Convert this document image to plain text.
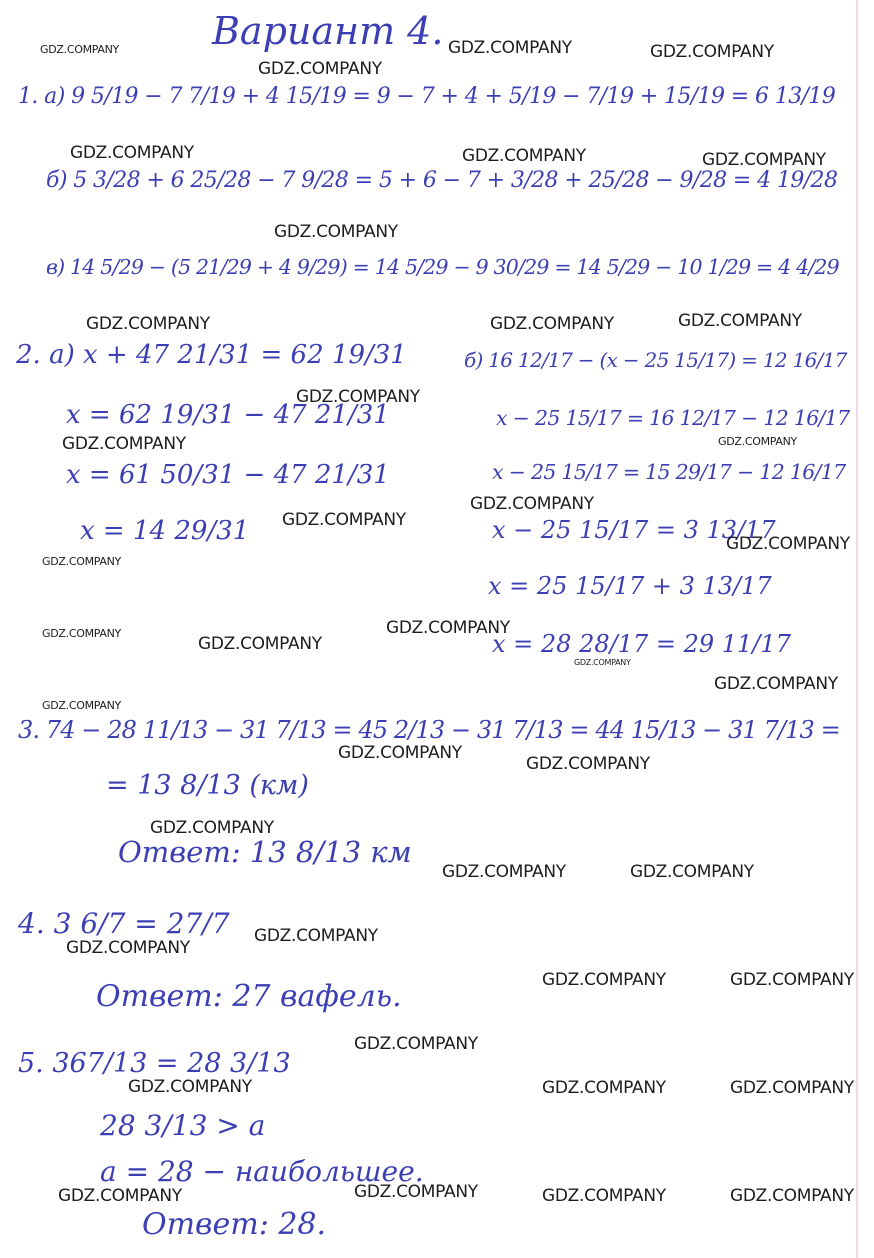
Вариант 4.
1. а) 9 5/19 − 7 7/19 + 4 15/19 = 9 − 7 + 4 + 5/19 − 7/19 + 15/19 = 6 13/19
б) 5 3/28 + 6 25/28 − 7 9/28 = 5 + 6 − 7 + 3/28 + 25/28 − 9/28 = 4 19/28
в) 14 5/29 − (5 21/29 + 4 9/29) = 14 5/29 − 9 30/29 = 14 5/29 − 10 1/29 = 4 4/29
2. а) x + 47 21/31 = 62 19/31
x = 62 19/31 − 47 21/31
x = 61 50/31 − 47 21/31
x = 14 29/31
б) 16 12/17 − (x − 25 15/17) = 12 16/17
x − 25 15/17 = 16 12/17 − 12 16/17
x − 25 15/17 = 15 29/17 − 12 16/17
x − 25 15/17 = 3 13/17
x = 25 15/17 + 3 13/17
x = 28 28/17 = 29 11/17
3. 74 − 28 11/13 − 31 7/13 = 45 2/13 − 31 7/13 = 44 15/13 − 31 7/13 =
= 13 8/13 (км)
Ответ: 13 8/13 км
4. 3 6/7 = 27/7
Ответ: 27 вафель.
5. 367/13 = 28 3/13
28 3/13 > a
a = 28 − наибольшее.
Ответ: 28.
GDZ.COMPANY	GDZ.COMPANY	GDZ.COMPANY
GDZ.COMPANY
GDZ.COMPANY	GDZ.COMPANY	GDZ.COMPANY
GDZ.COMPANY
GDZ.COMPANY	GDZ.COMPANY	GDZ.COMPANY
GDZ.COMPANY
GDZ.COMPANY	GDZ.COMPANY
GDZ.COMPANY
GDZ.COMPANY
GDZ.COMPANY
GDZ.COMPANY
GDZ.COMPANY	GDZ.COMPANY
GDZ.COMPANY
GDZ.COMPANY
GDZ.COMPANY
GDZ.COMPANY
GDZ.COMPANY
GDZ.COMPANY
GDZ.COMPANY
GDZ.COMPANY	GDZ.COMPANY
GDZ.COMPANY
GDZ.COMPANY
GDZ.COMPANY	GDZ.COMPANY
GDZ.COMPANY
GDZ.COMPANY	GDZ.COMPANY	GDZ.COMPANY
GDZ.COMPANY
GDZ.COMPANY	GDZ.COMPANY	GDZ.COMPANY
